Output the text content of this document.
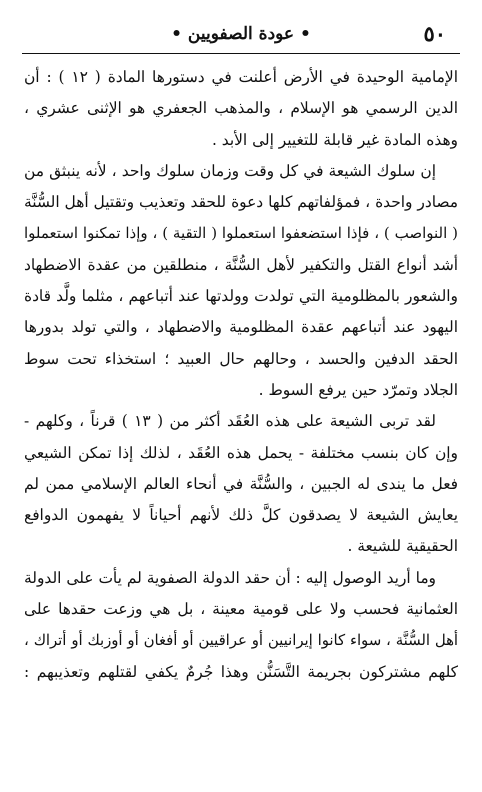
٥٠
• عودة الصفويين •
الإمامية الوحيدة في الأرض أعلنت في دستورها المادة ( ١٢ ) : أن
الدين الرسمي هو الإسلام ، والمذهب الجعفري هو الإثنى عشري ،
وهذه المادة غير قابلة للتغيير إلى الأبد .
إن سلوك الشيعة في كل وقت وزمان سلوك واحد ، لأنه ينبثق من
مصادر واحدة ، فمؤلفاتهم كلها دعوة للحقد وتعذيب وتقتيل أهل السُّنَّة
( النواصب ) ، فإذا استضعفوا استعملوا ( التقية ) ، وإذا تمكنوا استعملوا
أشد أنواع القتل والتكفير لأهل السُّنَّة ، منطلقين من عقدة الاضطهاد
والشعور بالمظلومية التي تولدت وولدتها عند أتباعهم ، مثلما ولَّد قادة
اليهود عند أتباعهم عقدة المظلومية والاضطهاد ، والتي تولد بدورها
الحقد الدفين والحسد ، وحالهم حال العبيد ؛ استخذاء تحت سوط
الجلاد وتمرّد حين يرفع السوط .
لقد تربى الشيعة على هذه العُقَد أكثر من ( ١٣ ) قرناً ، وكلهم -
وإن كان بنسب مختلفة - يحمل هذه العُقَد ، لذلك إذا تمكن الشيعي
فعل ما يندى له الجبين ، والسُّنَّة في أنحاء العالم الإسلامي ممن لم
يعايش الشيعة لا يصدقون كلَّ ذلك لأنهم أحياناً لا يفهمون الدوافع
الحقيقية للشيعة .
وما أريد الوصول إليه : أن حقد الدولة الصفوية لم يأت على الدولة
العثمانية فحسب ولا على قومية معينة ، بل هي وزعت حقدها على
أهل السُّنَّة ، سواء كانوا إيرانيين أو عراقيين أو أفغان أو أوزبك أو أتراك ،
كلهم مشتركون بجريمة التَّسَنُّن وهذا جُرمٌ يكفي لقتلهم وتعذيبهم :
